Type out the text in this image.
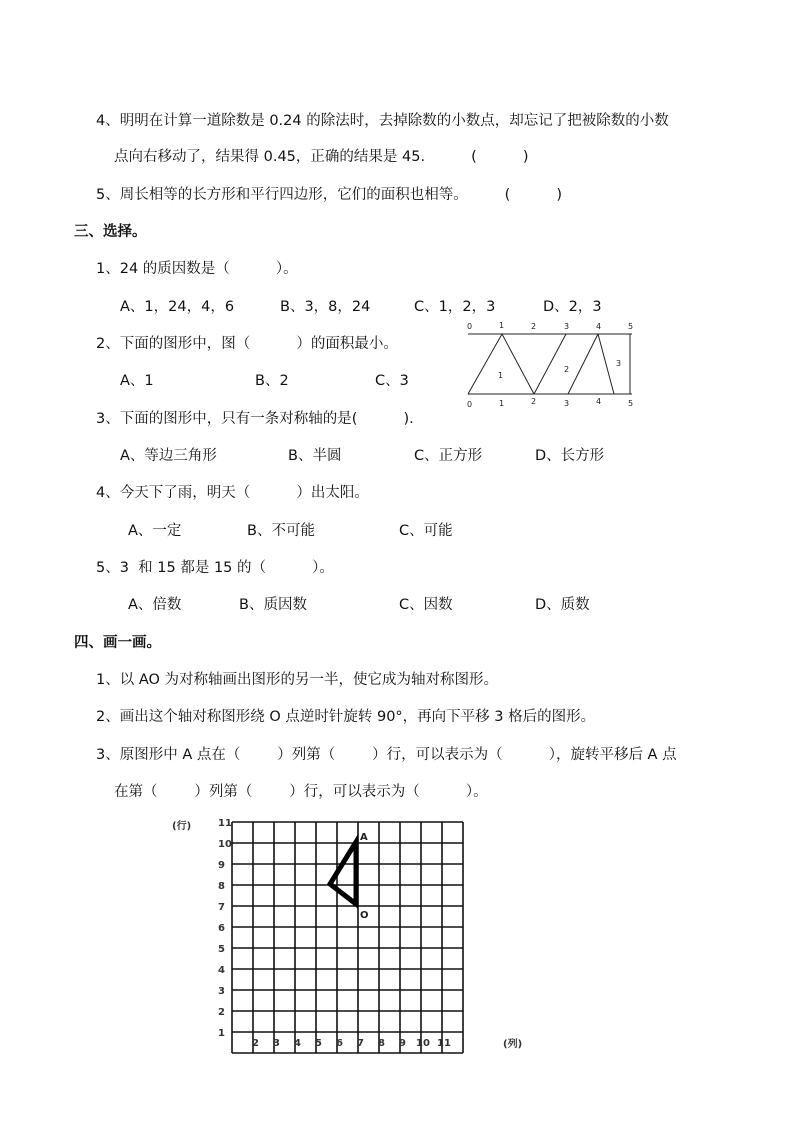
4、明明在计算一道除数是 0.24 的除法时，去掉除数的小数点，却忘记了把被除数的小数
点向右移动了，结果得 0.45，正确的结果是 45.          (          )
5、周长相等的长方形和平行四边形，它们的面积也相等。        (          )
三、选择。
1、24 的质因数是（          ）。
A、1，24，4，6	B、3，8，24	C、1，2，3	D、2，3
2、下面的图形中，图（          ）的面积最小。
A、1	B、2	C、3
0	1	2	3	4	5
0	1	2	3	4	5
1
2
3
3、下面的图形中，只有一条对称轴的是(          ).
A、等边三角形	B、半圆	C、正方形	D、长方形
4、今天下了雨，明天（          ）出太阳。
A、一定	B、不可能	C、可能
5、3  和 15 都是 15 的（          ）。
A、倍数	B、质因数	C、因数	D、质数
四、画一画。
1、以 AO 为对称轴画出图形的另一半，使它成为轴对称图形。
2、画出这个轴对称图形绕 O 点逆时针旋转 90°，再向下平移 3 格后的图形。
3、原图形中 A 点在（        ）列第（        ）行，可以表示为（          ），旋转平移后 A 点
在第（        ）列第（        ）行，可以表示为（          ）。
(行)
(列)
A
O
11
10
9
8
7
6
5
4
3
2
1
2 3 4 5 6 7 8 9 10 11
